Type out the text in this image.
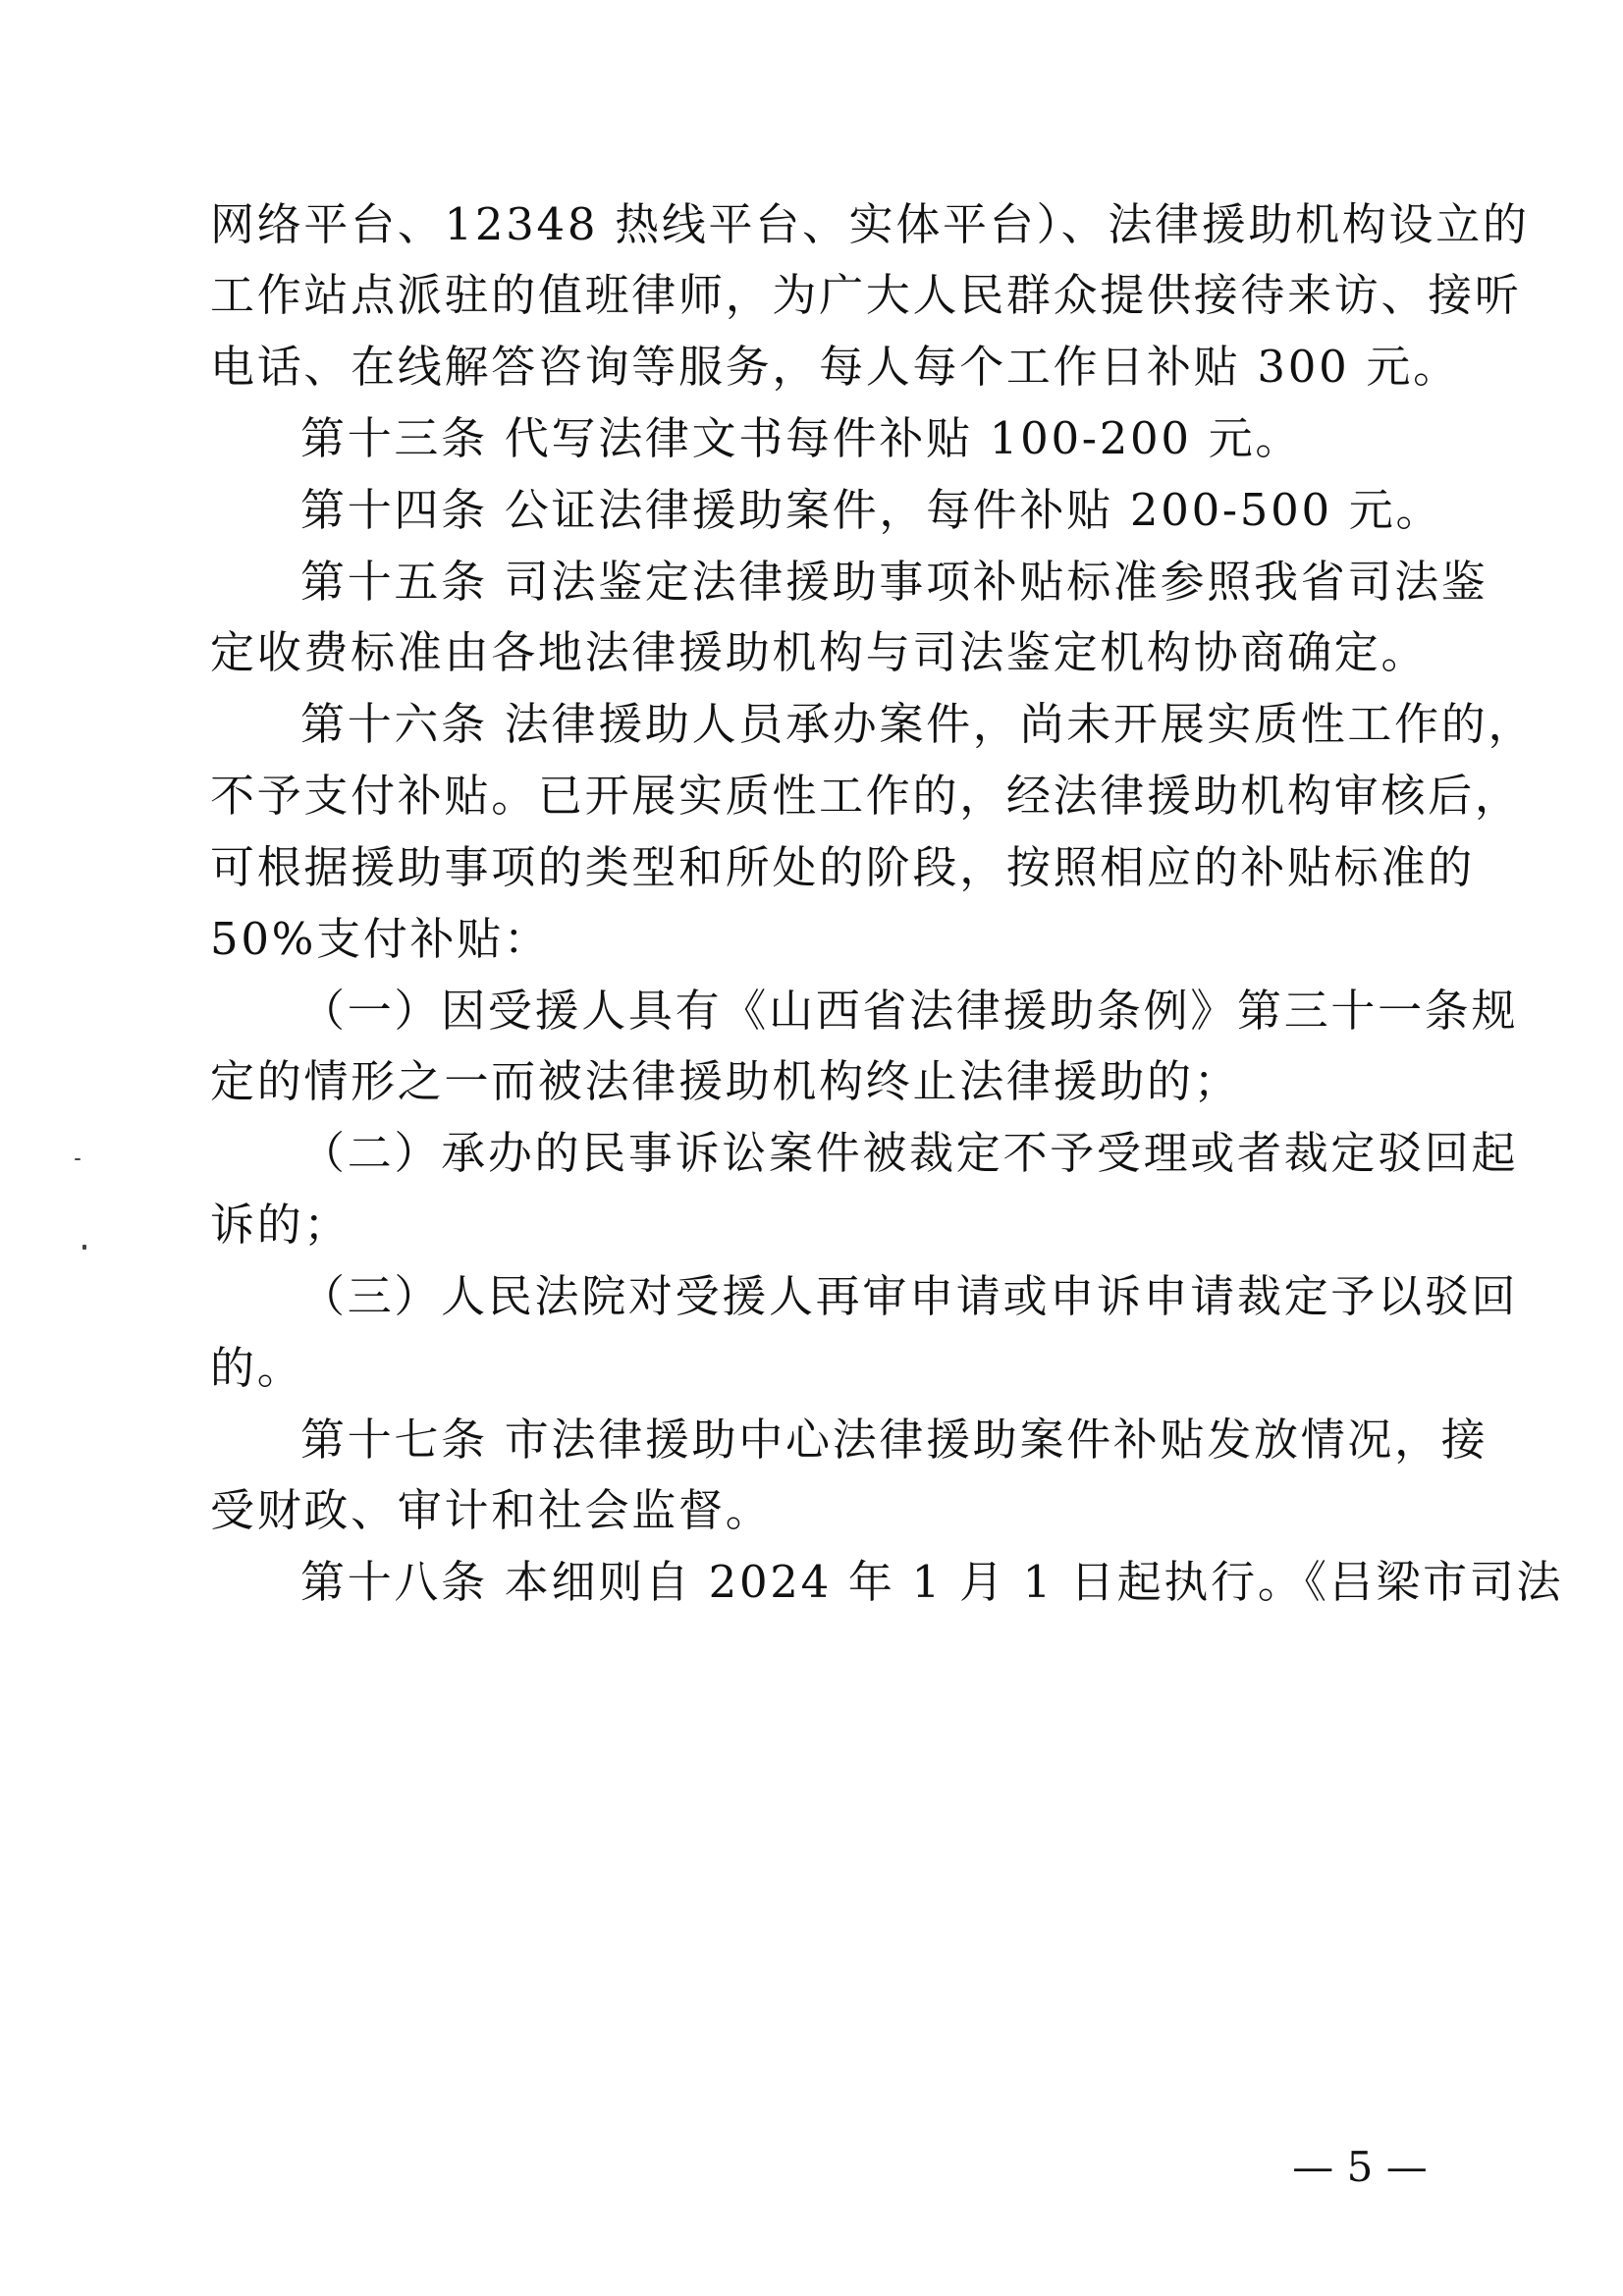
网络平台、12348 热线平台、实体平台）、法律援助机构设立的
工作站点派驻的值班律师，为广大人民群众提供接待来访、接听
电话、在线解答咨询等服务，每人每个工作日补贴 300 元。
第十三条 代写法律文书每件补贴 100-200 元。
第十四条 公证法律援助案件，每件补贴 200-500 元。
第十五条 司法鉴定法律援助事项补贴标准参照我省司法鉴
定收费标准由各地法律援助机构与司法鉴定机构协商确定。
第十六条 法律援助人员承办案件，尚未开展实质性工作的，
不予支付补贴。已开展实质性工作的，经法律援助机构审核后，
可根据援助事项的类型和所处的阶段，按照相应的补贴标准的
50%支付补贴：
（一）因受援人具有《山西省法律援助条例》第三十一条规
定的情形之一而被法律援助机构终止法律援助的；
（二）承办的民事诉讼案件被裁定不予受理或者裁定驳回起
诉的；
（三）人民法院对受援人再审申请或申诉申请裁定予以驳回
的。
第十七条 市法律援助中心法律援助案件补贴发放情况，接
受财政、审计和社会监督。
第十八条 本细则自 2024 年 1 月 1 日起执行。《吕梁市司法
— 5 —
